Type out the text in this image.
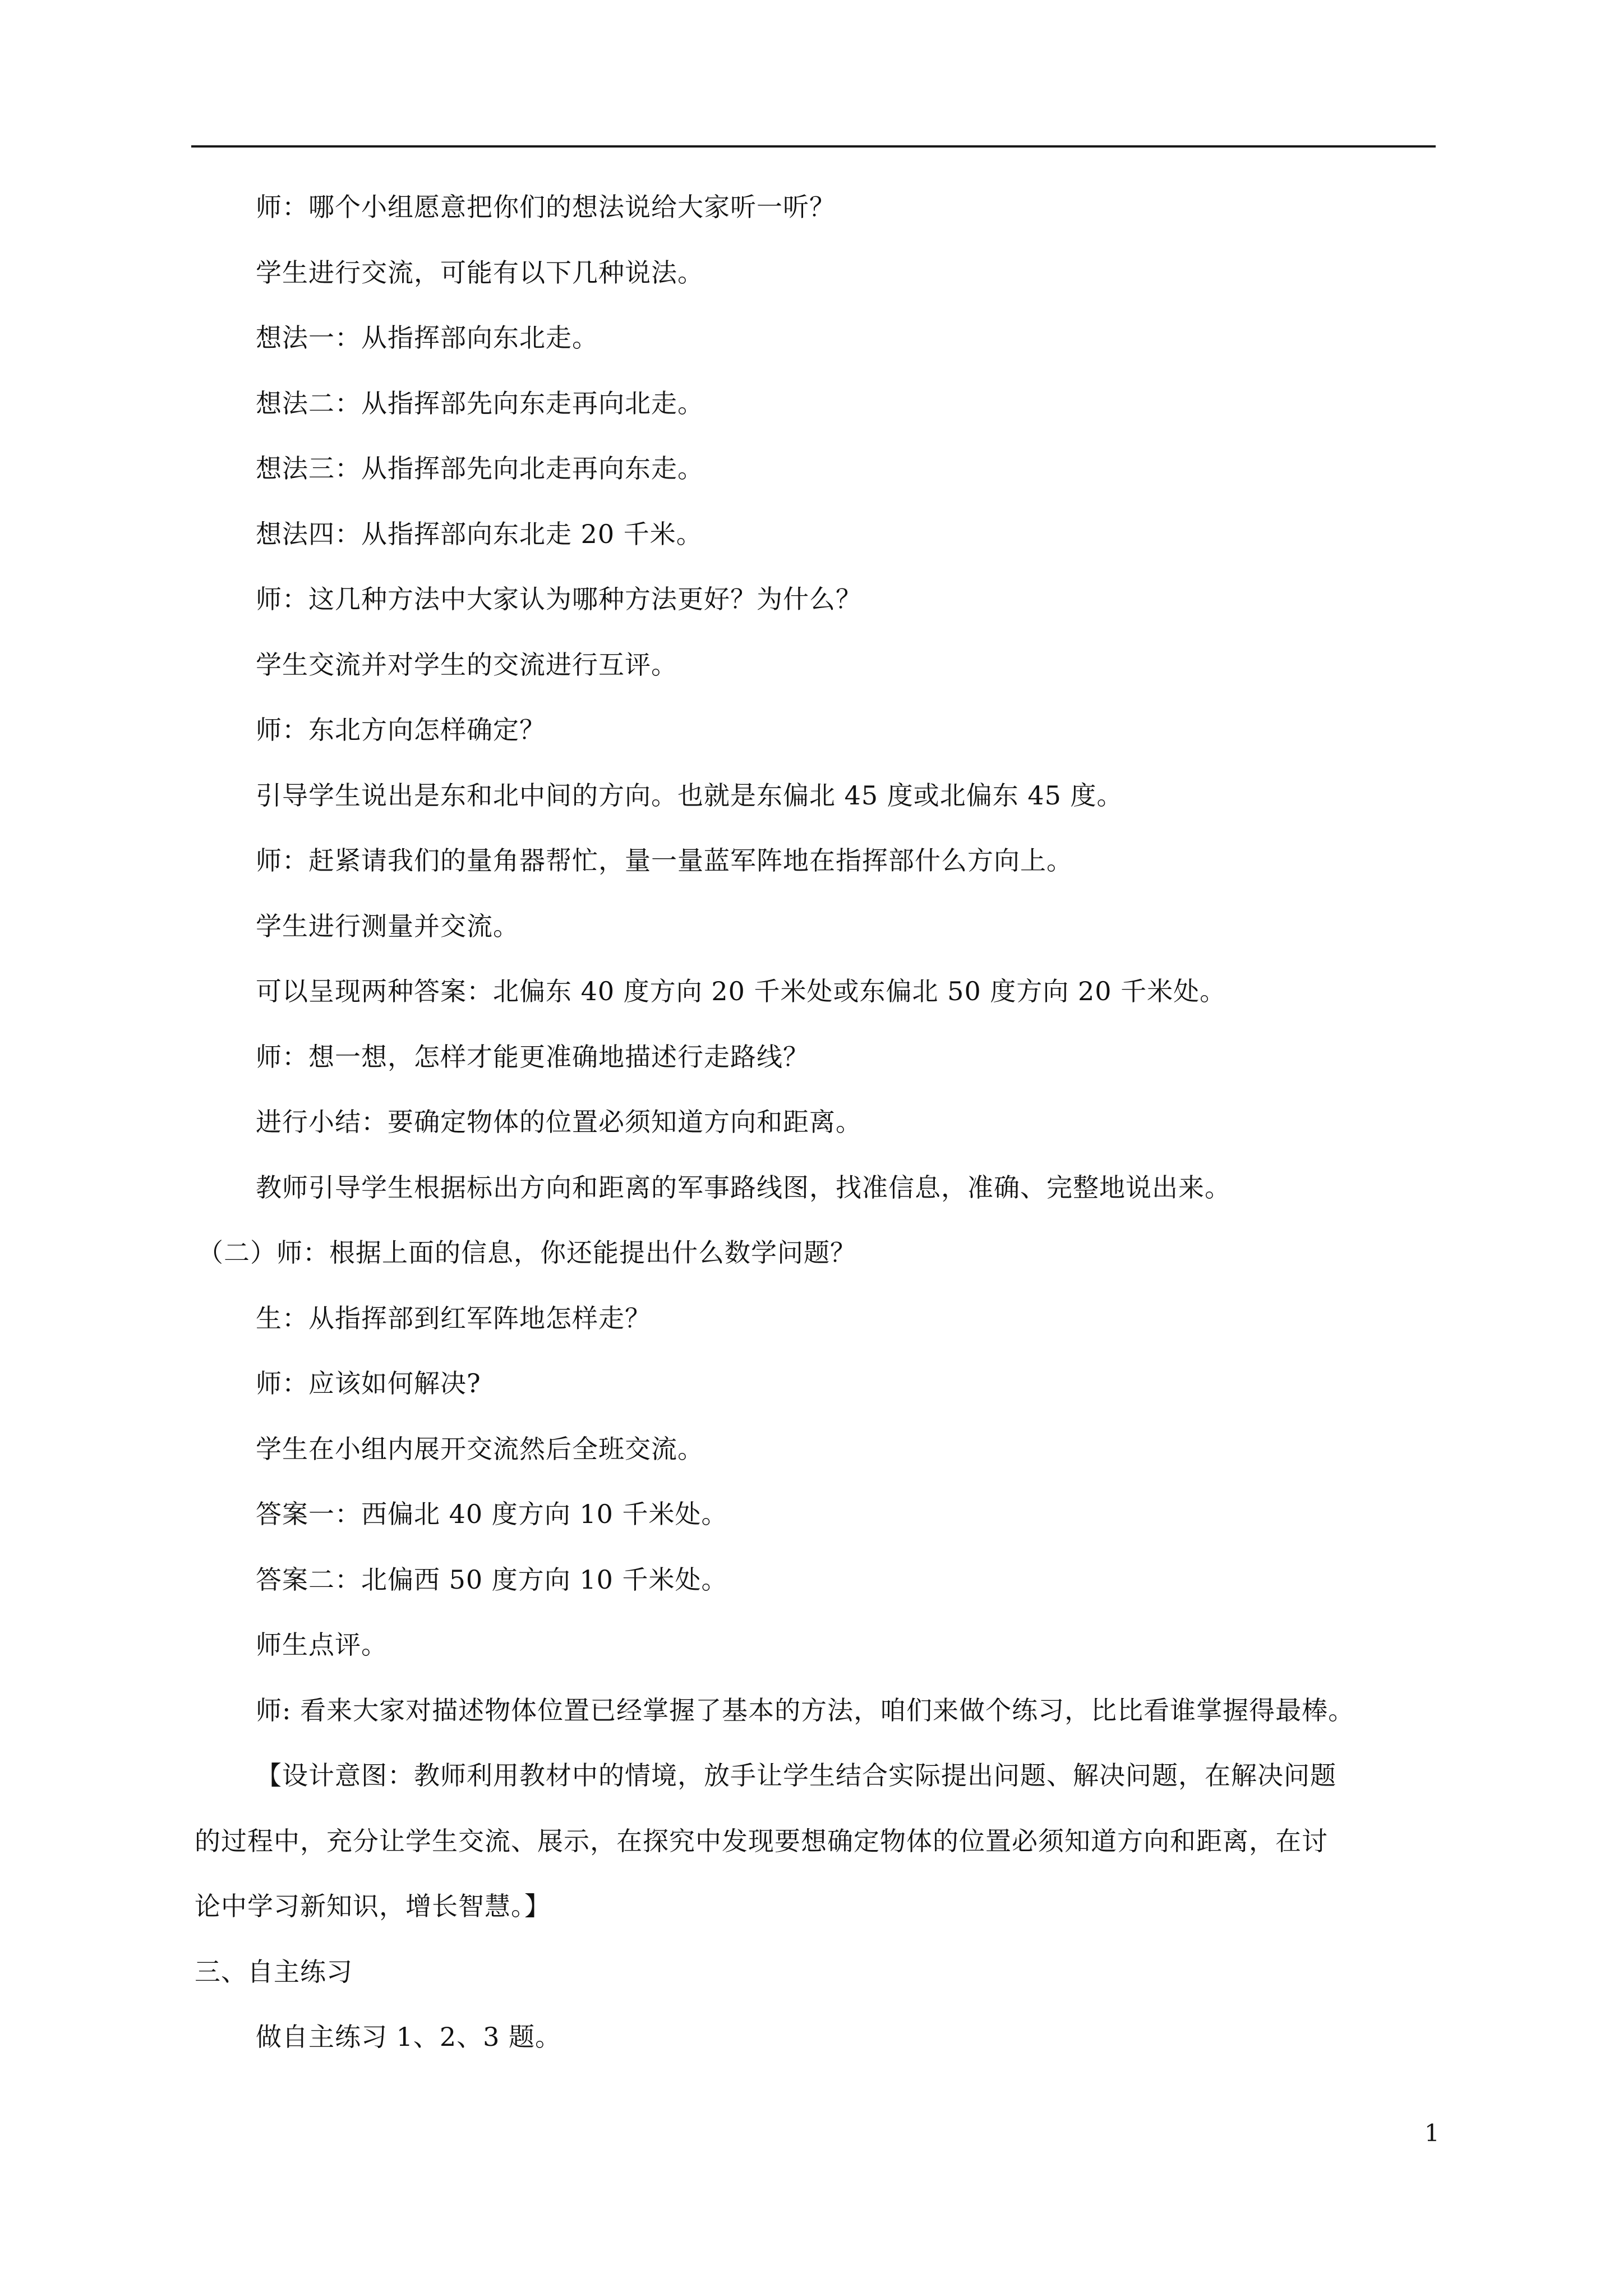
师：哪个小组愿意把你们的想法说给大家听一听？
学生进行交流，可能有以下几种说法。
想法一：从指挥部向东北走。
想法二：从指挥部先向东走再向北走。
想法三：从指挥部先向北走再向东走。
想法四：从指挥部向东北走 20 千米。
师：这几种方法中大家认为哪种方法更好？为什么？
学生交流并对学生的交流进行互评。
师：东北方向怎样确定？
引导学生说出是东和北中间的方向。也就是东偏北 45 度或北偏东 45 度。
师：赶紧请我们的量角器帮忙，量一量蓝军阵地在指挥部什么方向上。
学生进行测量并交流。
可以呈现两种答案：北偏东 40 度方向 20 千米处或东偏北 50 度方向 20 千米处。
师：想一想，怎样才能更准确地描述行走路线？
进行小结：要确定物体的位置必须知道方向和距离。
教师引导学生根据标出方向和距离的军事路线图，找准信息，准确、完整地说出来。
（二）师：根据上面的信息，你还能提出什么数学问题？
生：从指挥部到红军阵地怎样走？
师：应该如何解决?
学生在小组内展开交流然后全班交流。
答案一：西偏北 40 度方向 10 千米处。
答案二：北偏西 50 度方向 10 千米处。
师生点评。
师: 看来大家对描述物体位置已经掌握了基本的方法，咱们来做个练习，比比看谁掌握得最棒。
【设计意图：教师利用教材中的情境，放手让学生结合实际提出问题、解决问题，在解决问题
的过程中，充分让学生交流、展示，在探究中发现要想确定物体的位置必须知道方向和距离，在讨
论中学习新知识，增长智慧。】
三、自主练习
做自主练习 1、2、3 题。
1
